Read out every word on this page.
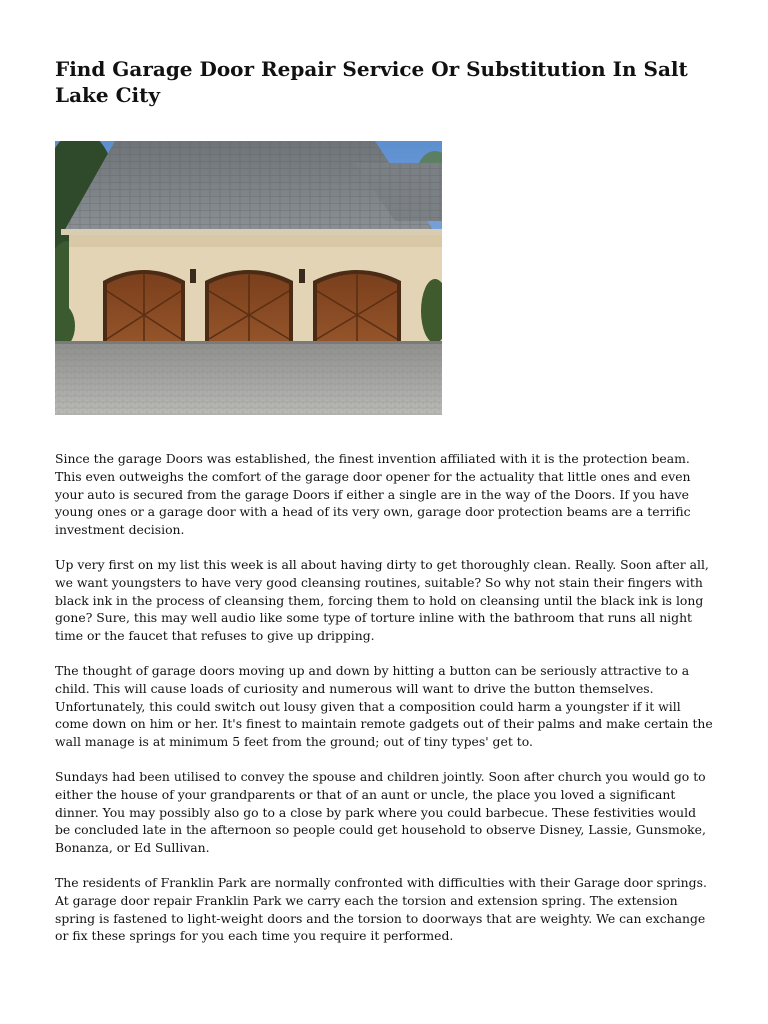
Find Garage Door Repair Service Or Substitution In Salt Lake City

Since the garage Doors was established, the finest invention affiliated with it is the protection beam. This even outweighs the comfort of the garage door opener for the actuality that little ones and even your auto is secured from the garage Doors if either a single are in the way of the Doors. If you have young ones or a garage door with a head of its very own, garage door protection beams are a terrific investment decision.

Up very first on my list this week is all about having dirty to get thoroughly clean. Really. Soon after all, we want youngsters to have very good cleansing routines, suitable? So why not stain their fingers with black ink in the process of cleansing them, forcing them to hold on cleansing until the black ink is long gone? Sure, this may well audio like some type of torture inline with the bathroom that runs all night time or the faucet that refuses to give up dripping.

The thought of garage doors moving up and down by hitting a button can be seriously attractive to a child. This will cause loads of curiosity and numerous will want to drive the button themselves. Unfortunately, this could switch out lousy given that a composition could harm a youngster if it will come down on him or her. It's finest to maintain remote gadgets out of their palms and make certain the wall manage is at minimum 5 feet from the ground; out of tiny types' get to.

Sundays had been utilised to convey the spouse and children jointly. Soon after church you would go to either the house of your grandparents or that of an aunt or uncle, the place you loved a significant dinner. You may possibly also go to a close by park where you could barbecue. These festivities would be concluded late in the afternoon so people could get household to observe Disney, Lassie, Gunsmoke, Bonanza, or Ed Sullivan.

The residents of Franklin Park are normally confronted with difficulties with their Garage door springs. At garage door repair Franklin Park we carry each the torsion and extension spring. The extension spring is fastened to light-weight doors and the torsion to doorways that are weighty. We can exchange or fix these springs for you each time you require it performed.
